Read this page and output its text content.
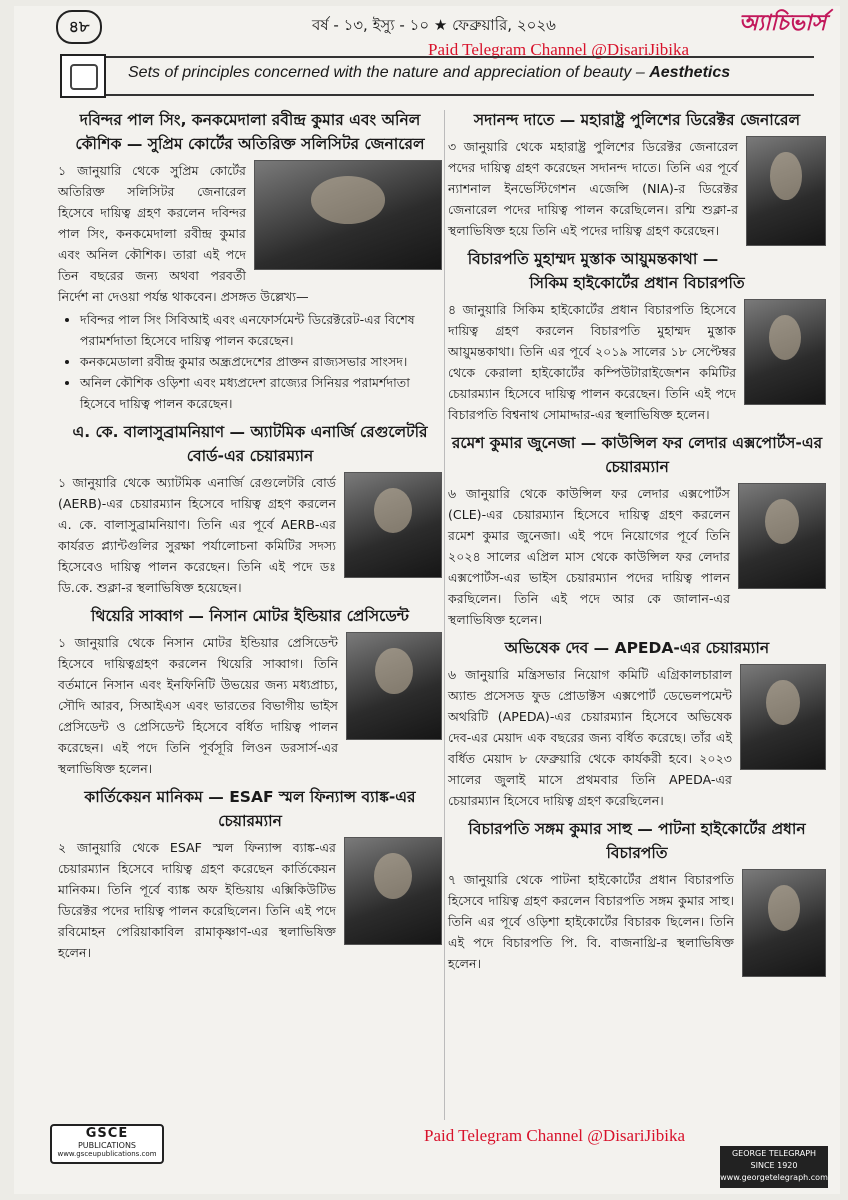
৪৮	বর্ষ - ১৩, ইস্যু - ১০ ★ ফেব্রুয়ারি, ২০২৬	অ্যাচিভার্স
Paid Telegram Channel @DisariJibika
Sets of principles concerned with the nature and appreciation of beauty – Aesthetics
দবিন্দর পাল সিং, কনকমেদালা রবীন্দ্র কুমার এবং অনিল কৌশিক — সুপ্রিম কোর্টের অতিরিক্ত সলিসিটর জেনারেল
১ জানুয়ারি থেকে সুপ্রিম কোর্টের অতিরিক্ত সলিসিটর জেনারেল হিসেবে দায়িত্ব গ্রহণ করলেন দবিন্দর পাল সিং, কনকমেদালা রবীন্দ্র কুমার এবং অনিল কৌশিক। তারা এই পদে তিন বছরের জন্য অথবা পরবর্তী নির্দেশ না দেওয়া পর্যন্ত থাকবেন। প্রসঙ্গত উল্লেখ্য—
• দবিন্দর পাল সিং সিবিআই এবং এনফোর্সমেন্ট ডিরেক্টরেট-এর বিশেষ পরামর্শদাতা হিসেবে দায়িত্ব পালন করেছেন।
• কনকমেডালা রবীন্দ্র কুমার অন্ধ্রপ্রদেশের প্রাক্তন রাজ্যসভার সাংসদ।
• অনিল কৌশিক ওড়িশা এবং মধ্যপ্রদেশ রাজ্যের সিনিয়র পরামর্শদাতা হিসেবে দায়িত্ব পালন করেছেন।
এ. কে. বালাসুব্রামনিয়াণ — অ্যাটমিক এনার্জি রেগুলেটরি বোর্ড-এর চেয়ারম্যান
১ জানুয়ারি থেকে অ্যাটমিক এনার্জি রেগুলেটরি বোর্ড (AERB)-এর চেয়ারম্যান হিসেবে দায়িত্ব গ্রহণ করলেন এ. কে. বালাসুব্রামনিয়াণ। তিনি এর পূর্বে AERB-এর কার্যরত প্ল্যান্টগুলির সুরক্ষা পর্যালোচনা কমিটির সদস্য হিসেবেও দায়িত্ব পালন করেছেন। তিনি এই পদে ডঃ ডি.কে. শুক্লা-র স্থলাভিষিক্ত হয়েছেন।
থিয়েরি সাব্বাগ — নিসান মোটর ইন্ডিয়ার প্রেসিডেন্ট
১ জানুয়ারি থেকে নিসান মোটর ইন্ডিয়ার প্রেসিডেন্ট হিসেবে দায়িত্বগ্রহণ করলেন থিয়েরি সাব্বাগ। তিনি বর্তমানে নিসান এবং ইনফিনিটি উভয়ের জন্য মধ্যপ্রাচ্য, সৌদি আরব, সিআইএস এবং ভারতের বিভাগীয় ভাইস প্রেসিডেন্ট ও প্রেসিডেন্ট হিসেবে বর্ধিত দায়িত্ব পালন করেছেন। এই পদে তিনি পূর্বসূরি লিওন ডরসার্স-এর স্থলাভিষিক্ত হলেন।
কার্তিকেয়ন মানিকম — ESAF স্মল ফিন্যান্স ব্যাঙ্ক-এর চেয়ারম্যান
২ জানুয়ারি থেকে ESAF স্মল ফিন্যান্স ব্যাঙ্ক-এর চেয়ারম্যান হিসেবে দায়িত্ব গ্রহণ করেছেন কার্তিকেয়ন মানিকম। তিনি পূর্বে ব্যাঙ্ক অফ ইন্ডিয়ায় এক্সিকিউটিভ ডিরেক্টর পদের দায়িত্ব পালন করেছিলেন। তিনি এই পদে রবিমোহন পেরিয়াকাবিল রামাকৃষ্ণাণ-এর স্থলাভিষিক্ত হলেন।
সদানন্দ দাতে — মহারাষ্ট্র পুলিশের ডিরেক্টর জেনারেল
৩ জানুয়ারি থেকে মহারাষ্ট্র পুলিশের ডিরেক্টর জেনারেল পদের দায়িত্ব গ্রহণ করেছেন সদানন্দ দাতে। তিনি এর পূর্বে ন্যাশনাল ইনভেস্টিগেশন এজেন্সি (NIA)-র ডিরেক্টর জেনারেল পদের দায়িত্ব পালন করেছিলেন। রশ্মি শুক্লা-র স্থলাভিষিক্ত হয়ে তিনি এই পদের দায়িত্ব গ্রহণ করেছেন।
বিচারপতি মুহাম্মদ মুস্তাক আয়ুমন্তকাথা — সিকিম হাইকোর্টের প্রধান বিচারপতি
৪ জানুয়ারি সিকিম হাইকোর্টের প্রধান বিচারপতি হিসেবে দায়িত্ব গ্রহণ করলেন বিচারপতি মুহাম্মদ মুস্তাক আয়ুমন্তকাথা। তিনি এর পূর্বে ২০১৯ সালের ১৮ সেপ্টেম্বর থেকে কেরালা হাইকোর্টের কম্পিউটারাইজেশন কমিটির চেয়ারম্যান হিসেবে দায়িত্ব পালন করেছেন। তিনি এই পদে বিচারপতি বিশ্বনাথ সোমাদ্দার-এর স্থলাভিষিক্ত হলেন।
রমেশ কুমার জুনেজা — কাউন্সিল ফর লেদার এক্সপোর্টস-এর চেয়ারম্যান
৬ জানুয়ারি থেকে কাউন্সিল ফর লেদার এক্সপোর্টস (CLE)-এর চেয়ারম্যান হিসেবে দায়িত্ব গ্রহণ করলেন রমেশ কুমার জুনেজা। এই পদে নিয়োগের পূর্বে তিনি ২০২৪ সালের এপ্রিল মাস থেকে কাউন্সিল ফর লেদার এক্সপোর্টস-এর ভাইস চেয়ারম্যান পদের দায়িত্ব পালন করছিলেন। তিনি এই পদে আর কে জালান-এর স্থলাভিষিক্ত হলেন।
অভিষেক দেব — APEDA-এর চেয়ারম্যান
৬ জানুয়ারি মন্ত্রিসভার নিয়োগ কমিটি এগ্রিকালচারাল অ্যান্ড প্রসেসড ফুড প্রোডাক্টস এক্সপোর্ট ডেভেলপমেন্ট অথরিটি (APEDA)-এর চেয়ারম্যান হিসেবে অভিষেক দেব-এর মেয়াদ এক বছরের জন্য বর্ধিত করেছে। তাঁর এই বর্ধিত মেয়াদ ৮ ফেব্রুয়ারি থেকে কার্যকরী হবে। ২০২৩ সালের জুলাই মাসে প্রথমবার তিনি APEDA-এর চেয়ারম্যান হিসেবে দায়িত্ব গ্রহণ করেছিলেন।
বিচারপতি সঙ্গম কুমার সাহু — পাটনা হাইকোর্টের প্রধান বিচারপতি
৭ জানুয়ারি থেকে পাটনা হাইকোর্টের প্রধান বিচারপতি হিসেবে দায়িত্ব গ্রহণ করলেন বিচারপতি সঙ্গম কুমার সাহু। তিনি এর পূর্বে ওড়িশা হাইকোর্টের বিচারক ছিলেন। তিনি এই পদে বিচারপতি পি. বি. বাজনাথ্রি-র স্থলাভিষিক্ত হলেন।
GSCE
PUBLICATIONS
www.gsceupublications.com
Paid Telegram Channel @DisariJibika
GEORGE TELEGRAPH
SINCE 1920
www.georgetelegraph.com
